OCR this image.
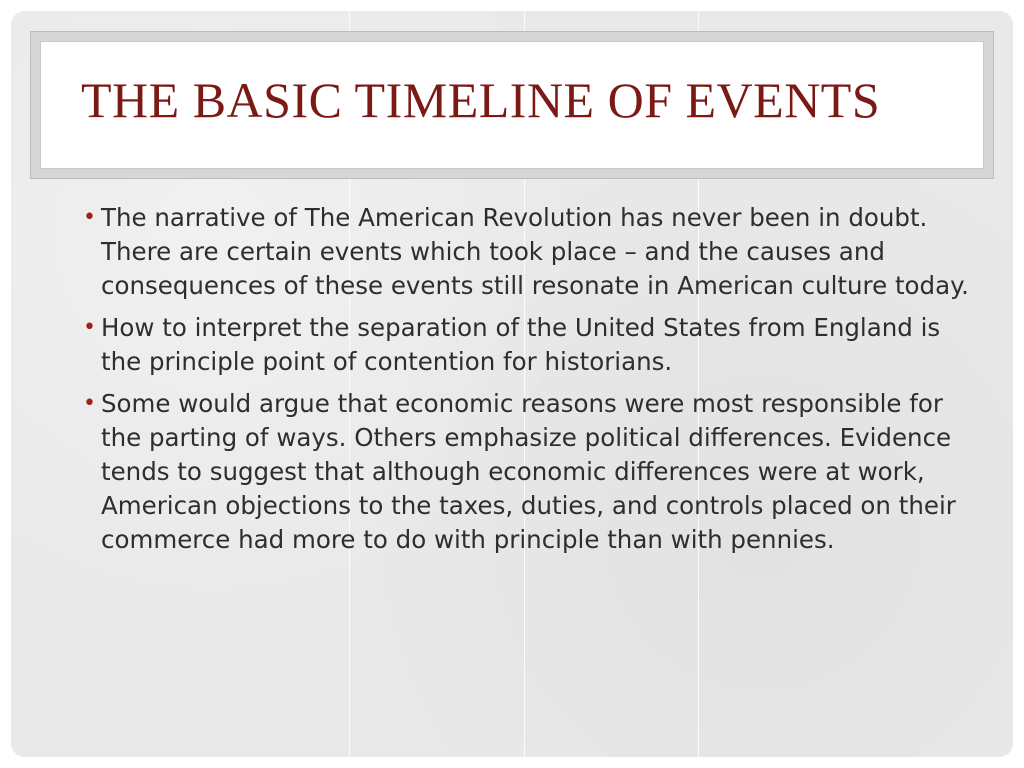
THE BASIC TIMELINE OF EVENTS
• The narrative of The American Revolution has never been in doubt. There are certain events which took place – and the causes and consequences of these events still resonate in American culture today.
• How to interpret the separation of the United States from England is the principle point of contention for historians.
• Some would argue that economic reasons were most responsible for the parting of ways. Others emphasize political differences. Evidence tends to suggest that although economic differences were at work, American objections to the taxes, duties, and controls placed on their commerce had more to do with principle than with pennies.
